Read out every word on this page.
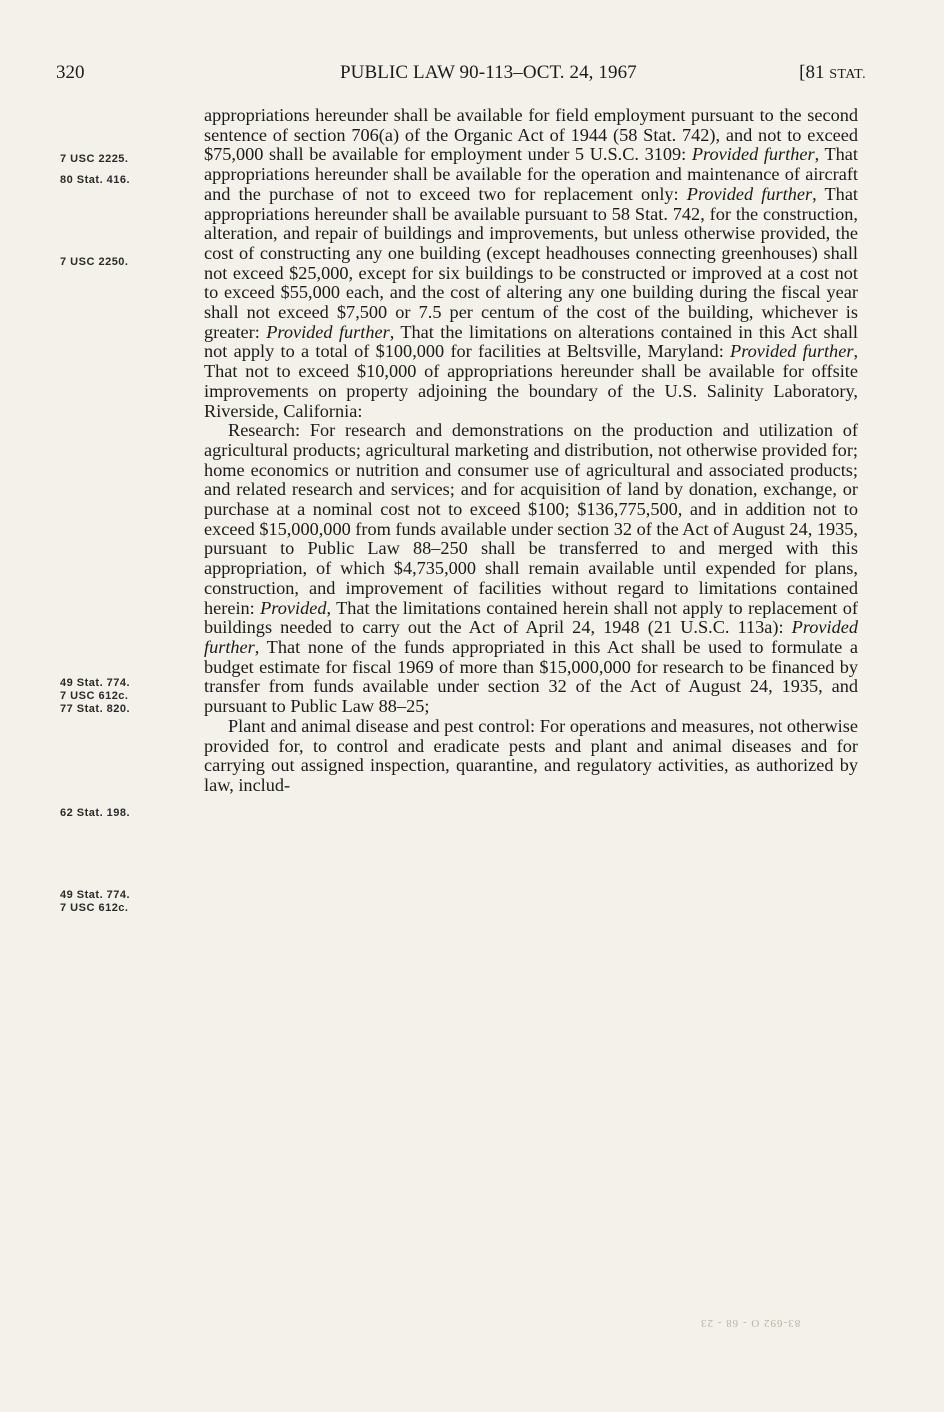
320	PUBLIC LAW 90-113–OCT. 24, 1967	[81 STAT.
7 USC 2225.
80 Stat. 416.
7 USC 2250.
49 Stat. 774.
7 USC 612c.
77 Stat. 820.
62 Stat. 198.
49 Stat. 774.
7 USC 612c.

appropriations hereunder shall be available for field employment pursuant to the second sentence of section 706(a) of the Organic Act of 1944 (58 Stat. 742), and not to exceed $75,000 shall be available for employment under 5 U.S.C. 3109: Provided further, That appropriations hereunder shall be available for the operation and maintenance of aircraft and the purchase of not to exceed two for replacement only: Provided further, That appropriations hereunder shall be available pursuant to 58 Stat. 742, for the construction, alteration, and repair of buildings and improvements, but unless otherwise provided, the cost of constructing any one building (except headhouses connecting greenhouses) shall not exceed $25,000, except for six buildings to be constructed or improved at a cost not to exceed $55,000 each, and the cost of altering any one building during the fiscal year shall not exceed $7,500 or 7.5 per centum of the cost of the building, whichever is greater: Provided further, That the limitations on alterations contained in this Act shall not apply to a total of $100,000 for facilities at Beltsville, Maryland: Provided further, That not to exceed $10,000 of appropriations hereunder shall be available for offsite improvements on property adjoining the boundary of the U.S. Salinity Laboratory, Riverside, California:

Research: For research and demonstrations on the production and utilization of agricultural products; agricultural marketing and distribution, not otherwise provided for; home economics or nutrition and consumer use of agricultural and associated products; and related research and services; and for acquisition of land by donation, exchange, or purchase at a nominal cost not to exceed $100; $136,775,500, and in addition not to exceed $15,000,000 from funds available under section 32 of the Act of August 24, 1935, pursuant to Public Law 88–250 shall be transferred to and merged with this appropriation, of which $4,735,000 shall remain available until expended for plans, construction, and improvement of facilities without regard to limitations contained herein: Provided, That the limitations contained herein shall not apply to replacement of buildings needed to carry out the Act of April 24, 1948 (21 U.S.C. 113a): Provided further, That none of the funds appropriated in this Act shall be used to formulate a budget estimate for fiscal 1969 of more than $15,000,000 for research to be financed by transfer from funds available under section 32 of the Act of August 24, 1935, and pursuant to Public Law 88–25;

Plant and animal disease and pest control: For operations and measures, not otherwise provided for, to control and eradicate pests and plant and animal diseases and for carrying out assigned inspection, quarantine, and regulatory activities, as authorized by law, includ-

83-692 O - 68 - 23
